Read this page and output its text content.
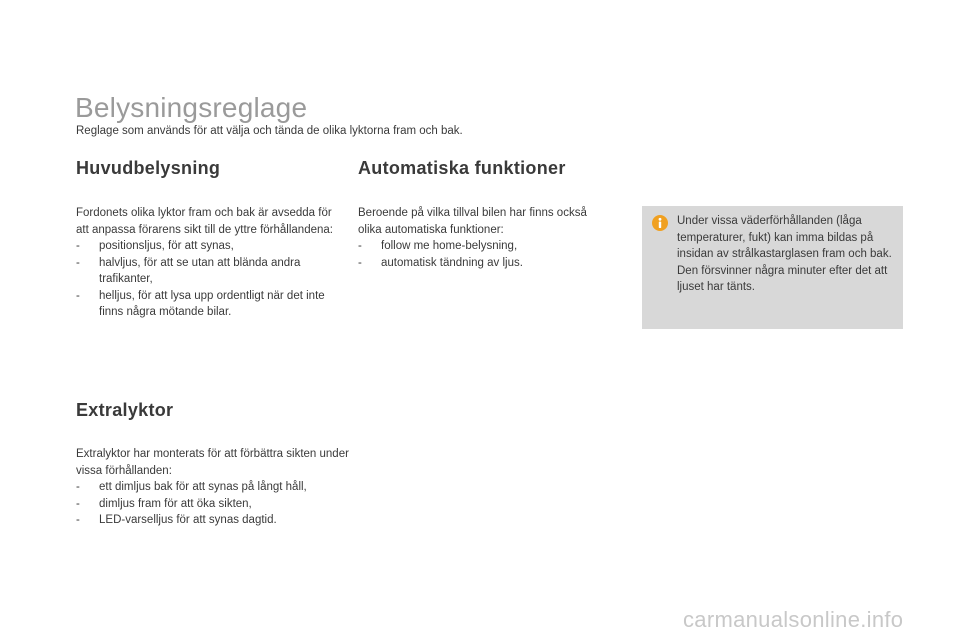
Belysningsreglage

Reglage som används för att välja och tända de olika lyktorna fram och bak.

Huvudbelysning

Fordonets olika lyktor fram och bak är avsedda för att anpassa förarens sikt till de yttre förhållandena:

- positionsljus, för att synas,
- halvljus, för att se utan att blända andra trafikanter,
- helljus, för att lysa upp ordentligt när det inte finns några mötande bilar.
Extralyktor

Extralyktor har monterats för att förbättra sikten under vissa förhållanden:

- ett dimljus bak för att synas på långt håll,
- dimljus fram för att öka sikten,
- LED-varselljus för att synas dagtid.
Automatiska funktioner

Beroende på vilka tillval bilen har finns också olika automatiska funktioner:

- follow me home-belysning,
- automatisk tändning av ljus.

Under vissa väderförhållanden (låga temperaturer, fukt) kan imma bildas på insidan av strålkastarglasen fram och bak. Den försvinner några minuter efter det att ljuset har tänts.

carmanualsonline.info
